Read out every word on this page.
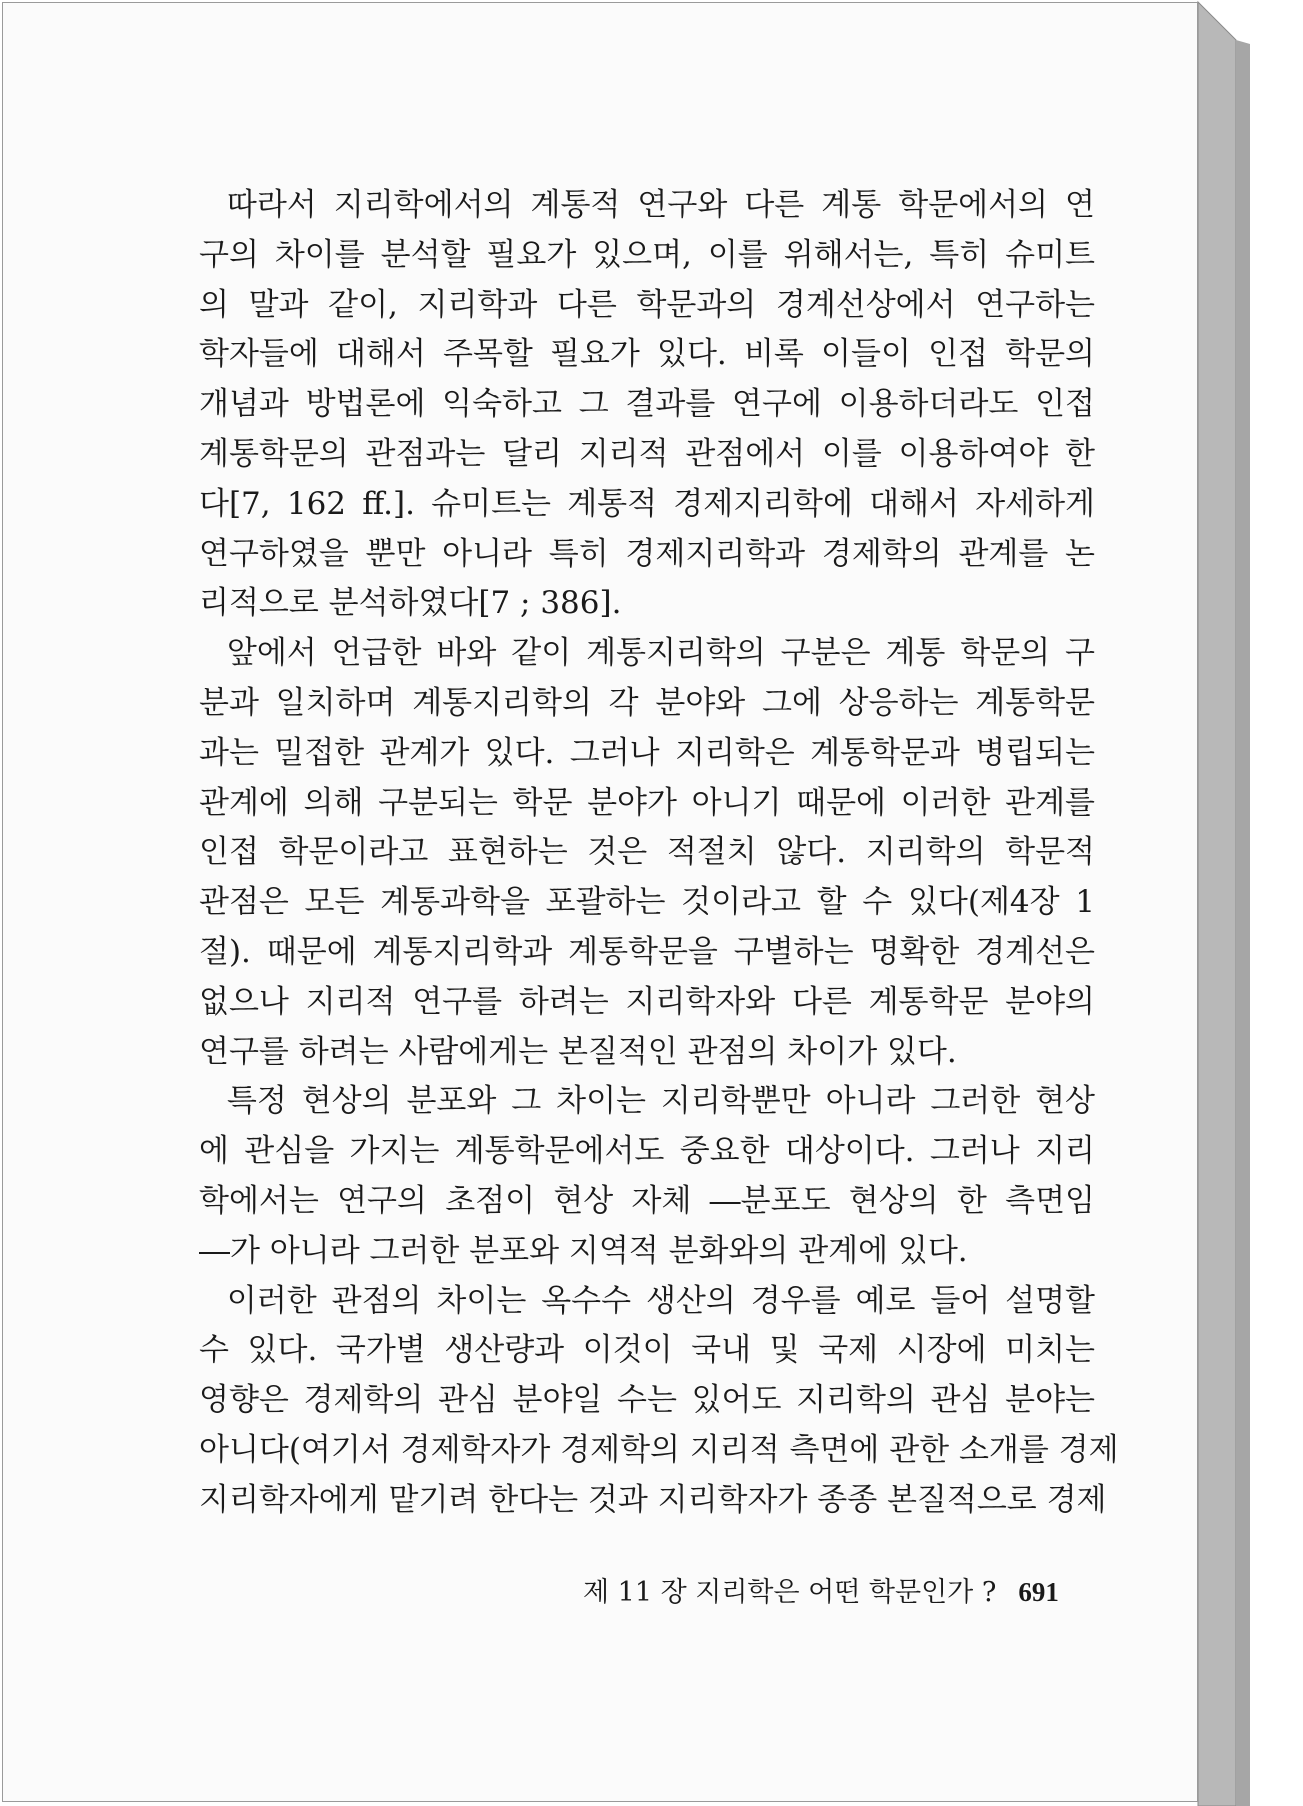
따라서 지리학에서의 계통적 연구와 다른 계통 학문에서의 연
구의 차이를 분석할 필요가 있으며, 이를 위해서는, 특히 슈미트
의 말과 같이, 지리학과 다른 학문과의 경계선상에서 연구하는
학자들에 대해서 주목할 필요가 있다. 비록 이들이 인접 학문의
개념과 방법론에 익숙하고 그 결과를 연구에 이용하더라도 인접
계통학문의 관점과는 달리 지리적 관점에서 이를 이용하여야 한
다[7, 162 ff.]. 슈미트는 계통적 경제지리학에 대해서 자세하게
연구하였을 뿐만 아니라 특히 경제지리학과 경제학의 관계를 논
리적으로 분석하였다[7 ; 386].
앞에서 언급한 바와 같이 계통지리학의 구분은 계통 학문의 구
분과 일치하며 계통지리학의 각 분야와 그에 상응하는 계통학문
과는 밀접한 관계가 있다. 그러나 지리학은 계통학문과 병립되는
관계에 의해 구분되는 학문 분야가 아니기 때문에 이러한 관계를
인접 학문이라고 표현하는 것은 적절치 않다. 지리학의 학문적
관점은 모든 계통과학을 포괄하는 것이라고 할 수 있다(제4장 1
절). 때문에 계통지리학과 계통학문을 구별하는 명확한 경계선은
없으나 지리적 연구를 하려는 지리학자와 다른 계통학문 분야의
연구를 하려는 사람에게는 본질적인 관점의 차이가 있다.
특정 현상의 분포와 그 차이는 지리학뿐만 아니라 그러한 현상
에 관심을 가지는 계통학문에서도 중요한 대상이다. 그러나 지리
학에서는 연구의 초점이 현상 자체 ―분포도 현상의 한 측면임
―가 아니라 그러한 분포와 지역적 분화와의 관계에 있다.
이러한 관점의 차이는 옥수수 생산의 경우를 예로 들어 설명할
수 있다. 국가별 생산량과 이것이 국내 및 국제 시장에 미치는
영향은 경제학의 관심 분야일 수는 있어도 지리학의 관심 분야는
아니다(여기서 경제학자가 경제학의 지리적 측면에 관한 소개를 경제
지리학자에게 맡기려 한다는 것과 지리학자가 종종 본질적으로 경제
제 11 장 지리학은 어떤 학문인가 ? 691
